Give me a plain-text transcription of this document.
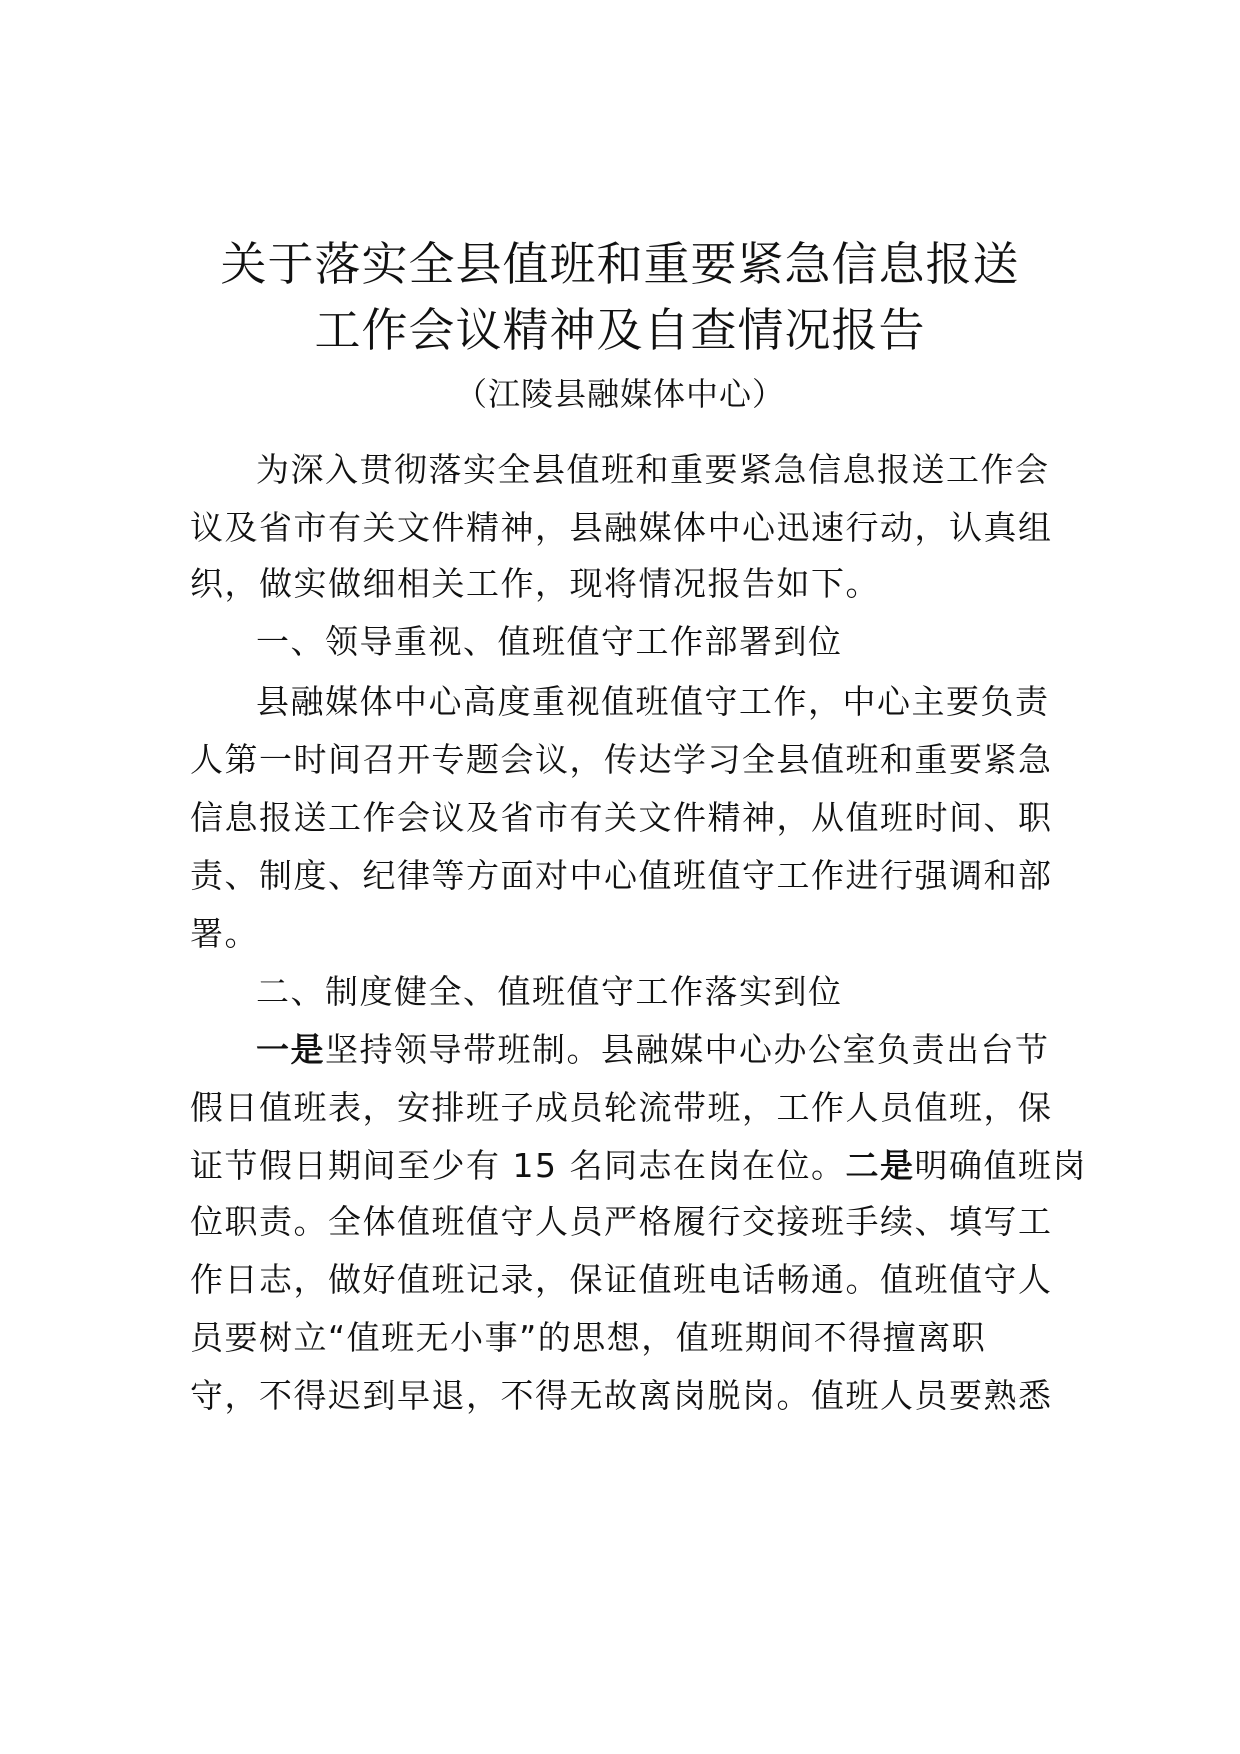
关于落实全县值班和重要紧急信息报送
工作会议精神及自查情况报告
（江陵县融媒体中心）
为深入贯彻落实全县值班和重要紧急信息报送工作会
议及省市有关文件精神，县融媒体中心迅速行动，认真组
织，做实做细相关工作，现将情况报告如下。
一、领导重视、值班值守工作部署到位
县融媒体中心高度重视值班值守工作，中心主要负责
人第一时间召开专题会议，传达学习全县值班和重要紧急
信息报送工作会议及省市有关文件精神，从值班时间、职
责、制度、纪律等方面对中心值班值守工作进行强调和部
署。
二、制度健全、值班值守工作落实到位
一是坚持领导带班制。县融媒中心办公室负责出台节
假日值班表，安排班子成员轮流带班，工作人员值班，保
证节假日期间至少有 15 名同志在岗在位。二是明确值班岗
位职责。全体值班值守人员严格履行交接班手续、填写工
作日志，做好值班记录，保证值班电话畅通。值班值守人
员要树立“值班无小事”的思想，值班期间不得擅离职
守，不得迟到早退，不得无故离岗脱岗。值班人员要熟悉
